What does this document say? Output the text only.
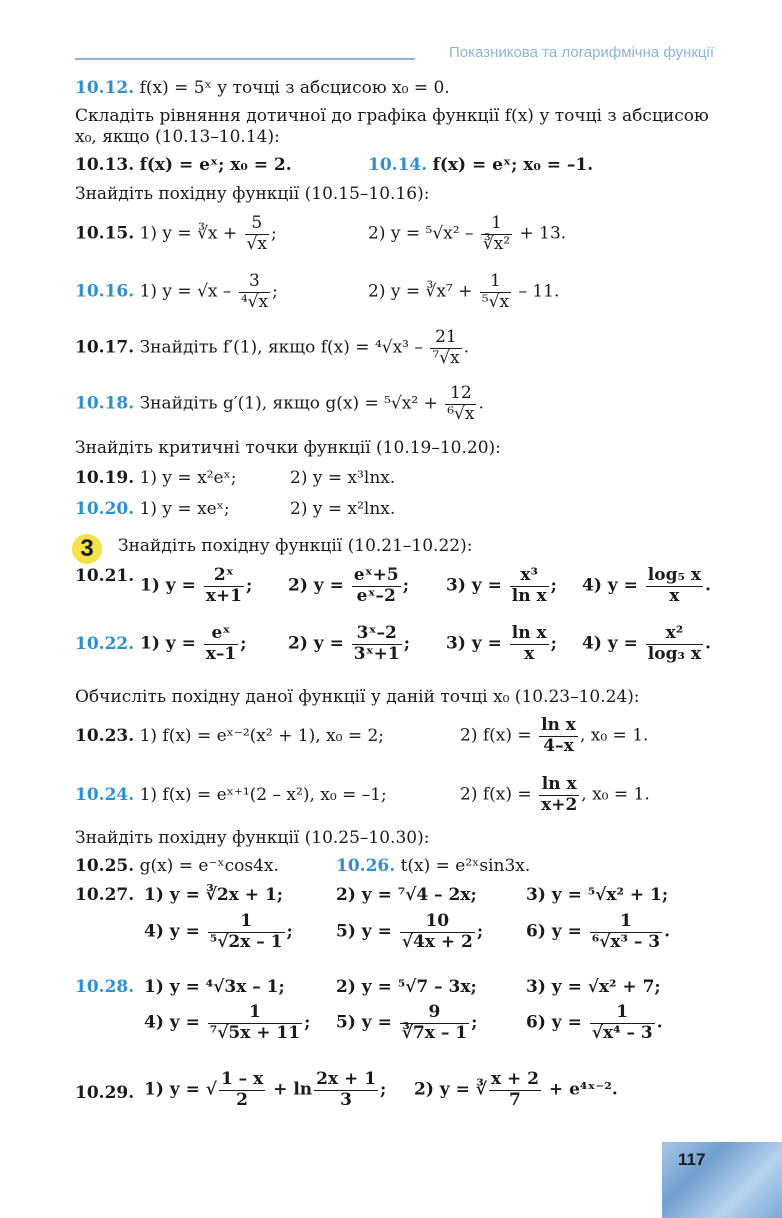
Показникова та логарифмічна функції
10.12. f(x) = 5ˣ у точці з абсцисою x₀ = 0.
Складіть рівняння дотичної до графіка функції f(x) у точці з абсцисою x₀, якщо (10.13–10.14):
10.13. f(x) = eˣ; x₀ = 2.	10.14. f(x) = eˣ; x₀ = –1.
Знайдіть похідну функції (10.15–10.16):
10.15. 1) y = ∛x + $\frac{5}{√x}$ ;	2) $y = ^5√x^2 - \frac{1}{\text{∛x²}} + 13$.
10.16. 1) $y = √x - \frac{3}{\text{⁴√x}}$ ;	2) y = ∛x⁷ + $\frac{1}{\text{⁵√x}} - 11$.
10.17. Знайдіть f′(1), якщо $f(x) = ^4√x^3 - \frac{21}{\text{⁷√x}}$ .
10.18. Знайдіть g′(1), якщо $g(x) = ^5√x^2 + \frac{12}{\text{⁶√x}}$ .
Знайдіть критичні точки функції (10.19–10.20):
10.19. 1) y = x²eˣ;	2) y = x³lnx.
10.20. 1) y = xeˣ;	2) y = x²lnx.
3	Знайдіть похідну функції (10.21–10.22):
10.21. 1) $y = \frac{\text{2ˣ}}{x+1}$ ; 2) $y = \frac{\text{eˣ+5}}{\text{eˣ–2}}$ ; 3) $y = \frac{\text{x³}}{\text{ln x}}$ ; 4) $y = \frac{\text{log₅ x}}{x}$ .
10.22. 1) $y = \frac{\text{eˣ}}{x-1}$ ; 2) $y = \frac{\text{3ˣ–2}}{\text{3ˣ+1}}$ ; 3) $y = \frac{\text{ln x}}{x}$ ; 4) $y = \frac{\text{x²}}{\text{log₃ x}}$ .
Обчисліть похідну даної функції у даній точці x₀ (10.23–10.24):
10.23. 1) f(x) = eˣ⁻²(x² + 1), x₀ = 2;	2) $f(x) = \frac{\text{ln x}}{4-x}$ , x₀ = 1.
10.24. 1) f(x) = eˣ⁺¹(2 – x²), x₀ = –1;	2) $f(x) = \frac{\text{ln x}}{x+2}$ , x₀ = 1.
Знайдіть похідну функції (10.25–10.30):
10.25. g(x) = e⁻ˣcos4x.	10.26. t(x) = e²ˣsin3x.
10.27. 1) y = ∛2x + 1;	2) y = ⁷√4 – 2x;	3) y = ⁵√x² + 1;
4) $y = \frac{1}{\text{⁵√2x – 1}}$ ;	5) $y = \frac{10}{√4x + 2}$ ;	6) $y = \frac{1}{\text{⁶√x³ – 3}}$ .
10.28. 1) y = ⁴√3x – 1;	2) y = ⁵√7 – 3x;	3) y = √x² + 7;
4) $y = \frac{1}{\text{⁷√5x + 11}}$ ; 5) $y = \frac{9}{∛7x - 1}$ ;	6) $y = \frac{1}{\text{√x⁴ – 3}}$ .
10.29. 1) y = √ $\frac{1 - x}{2} + \ln \frac{2x + 1}{3}$ ; 2) y = ∛ $\frac{x + 2}{7}$ + e⁴ˣ⁻².
117
